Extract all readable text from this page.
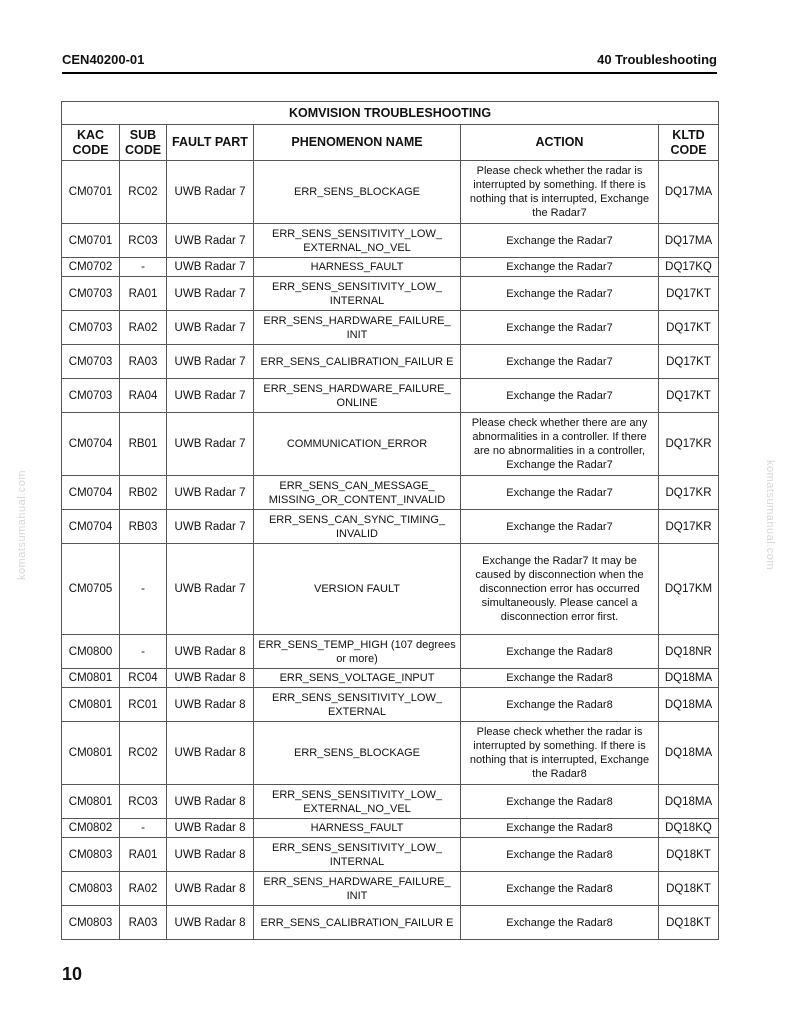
CEN40200-01	40 Troubleshooting
komatsumanual.com	komatsumanual.com
KOMVISION TROUBLESHOOTING					
KAC CODE	SUB CODE	FAULT PART	PHENOMENON NAME	ACTION	KLTD CODE
CM0701	RC02	UWB Radar 7	ERR_SENS_BLOCKAGE	Please check whether the radar is interrupted by something. If there is nothing that is interrupted, Exchange the Radar7	DQ17MA
CM0701	RC03	UWB Radar 7	ERR_SENS_SENSITIVITY_LOW_ EXTERNAL_NO_VEL	Exchange the Radar7	DQ17MA
CM0702	-	UWB Radar 7	HARNESS_FAULT	Exchange the Radar7	DQ17KQ
CM0703	RA01	UWB Radar 7	ERR_SENS_SENSITIVITY_LOW_ INTERNAL	Exchange the Radar7	DQ17KT
CM0703	RA02	UWB Radar 7	ERR_SENS_HARDWARE_FAILURE_ INIT	Exchange the Radar7	DQ17KT
CM0703	RA03	UWB Radar 7	ERR_SENS_CALIBRATION_FAILUR E	Exchange the Radar7	DQ17KT
CM0703	RA04	UWB Radar 7	ERR_SENS_HARDWARE_FAILURE_ ONLINE	Exchange the Radar7	DQ17KT
CM0704	RB01	UWB Radar 7	COMMUNICATION_ERROR	Please check whether there are any abnormalities in a controller. If there are no abnormalities in a controller, Exchange the Radar7	DQ17KR
CM0704	RB02	UWB Radar 7	ERR_SENS_CAN_MESSAGE_ MISSING_OR_CONTENT_INVALID	Exchange the Radar7	DQ17KR
CM0704	RB03	UWB Radar 7	ERR_SENS_CAN_SYNC_TIMING_ INVALID	Exchange the Radar7	DQ17KR
CM0705	-	UWB Radar 7	VERSION FAULT	Exchange the Radar7 It may be caused by disconnection when the disconnection error has occurred simultaneously. Please cancel a disconnection error first.	DQ17KM
CM0800	-	UWB Radar 8	ERR_SENS_TEMP_HIGH (107 degrees or more)	Exchange the Radar8	DQ18NR
CM0801	RC04	UWB Radar 8	ERR_SENS_VOLTAGE_INPUT	Exchange the Radar8	DQ18MA
CM0801	RC01	UWB Radar 8	ERR_SENS_SENSITIVITY_LOW_ EXTERNAL	Exchange the Radar8	DQ18MA
CM0801	RC02	UWB Radar 8	ERR_SENS_BLOCKAGE	Please check whether the radar is interrupted by something. If there is nothing that is interrupted, Exchange the Radar8	DQ18MA
CM0801	RC03	UWB Radar 8	ERR_SENS_SENSITIVITY_LOW_ EXTERNAL_NO_VEL	Exchange the Radar8	DQ18MA
CM0802	-	UWB Radar 8	HARNESS_FAULT	Exchange the Radar8	DQ18KQ
CM0803	RA01	UWB Radar 8	ERR_SENS_SENSITIVITY_LOW_ INTERNAL	Exchange the Radar8	DQ18KT
CM0803	RA02	UWB Radar 8	ERR_SENS_HARDWARE_FAILURE_ INIT	Exchange the Radar8	DQ18KT
CM0803	RA03	UWB Radar 8	ERR_SENS_CALIBRATION_FAILUR E	Exchange the Radar8	DQ18KT
10
